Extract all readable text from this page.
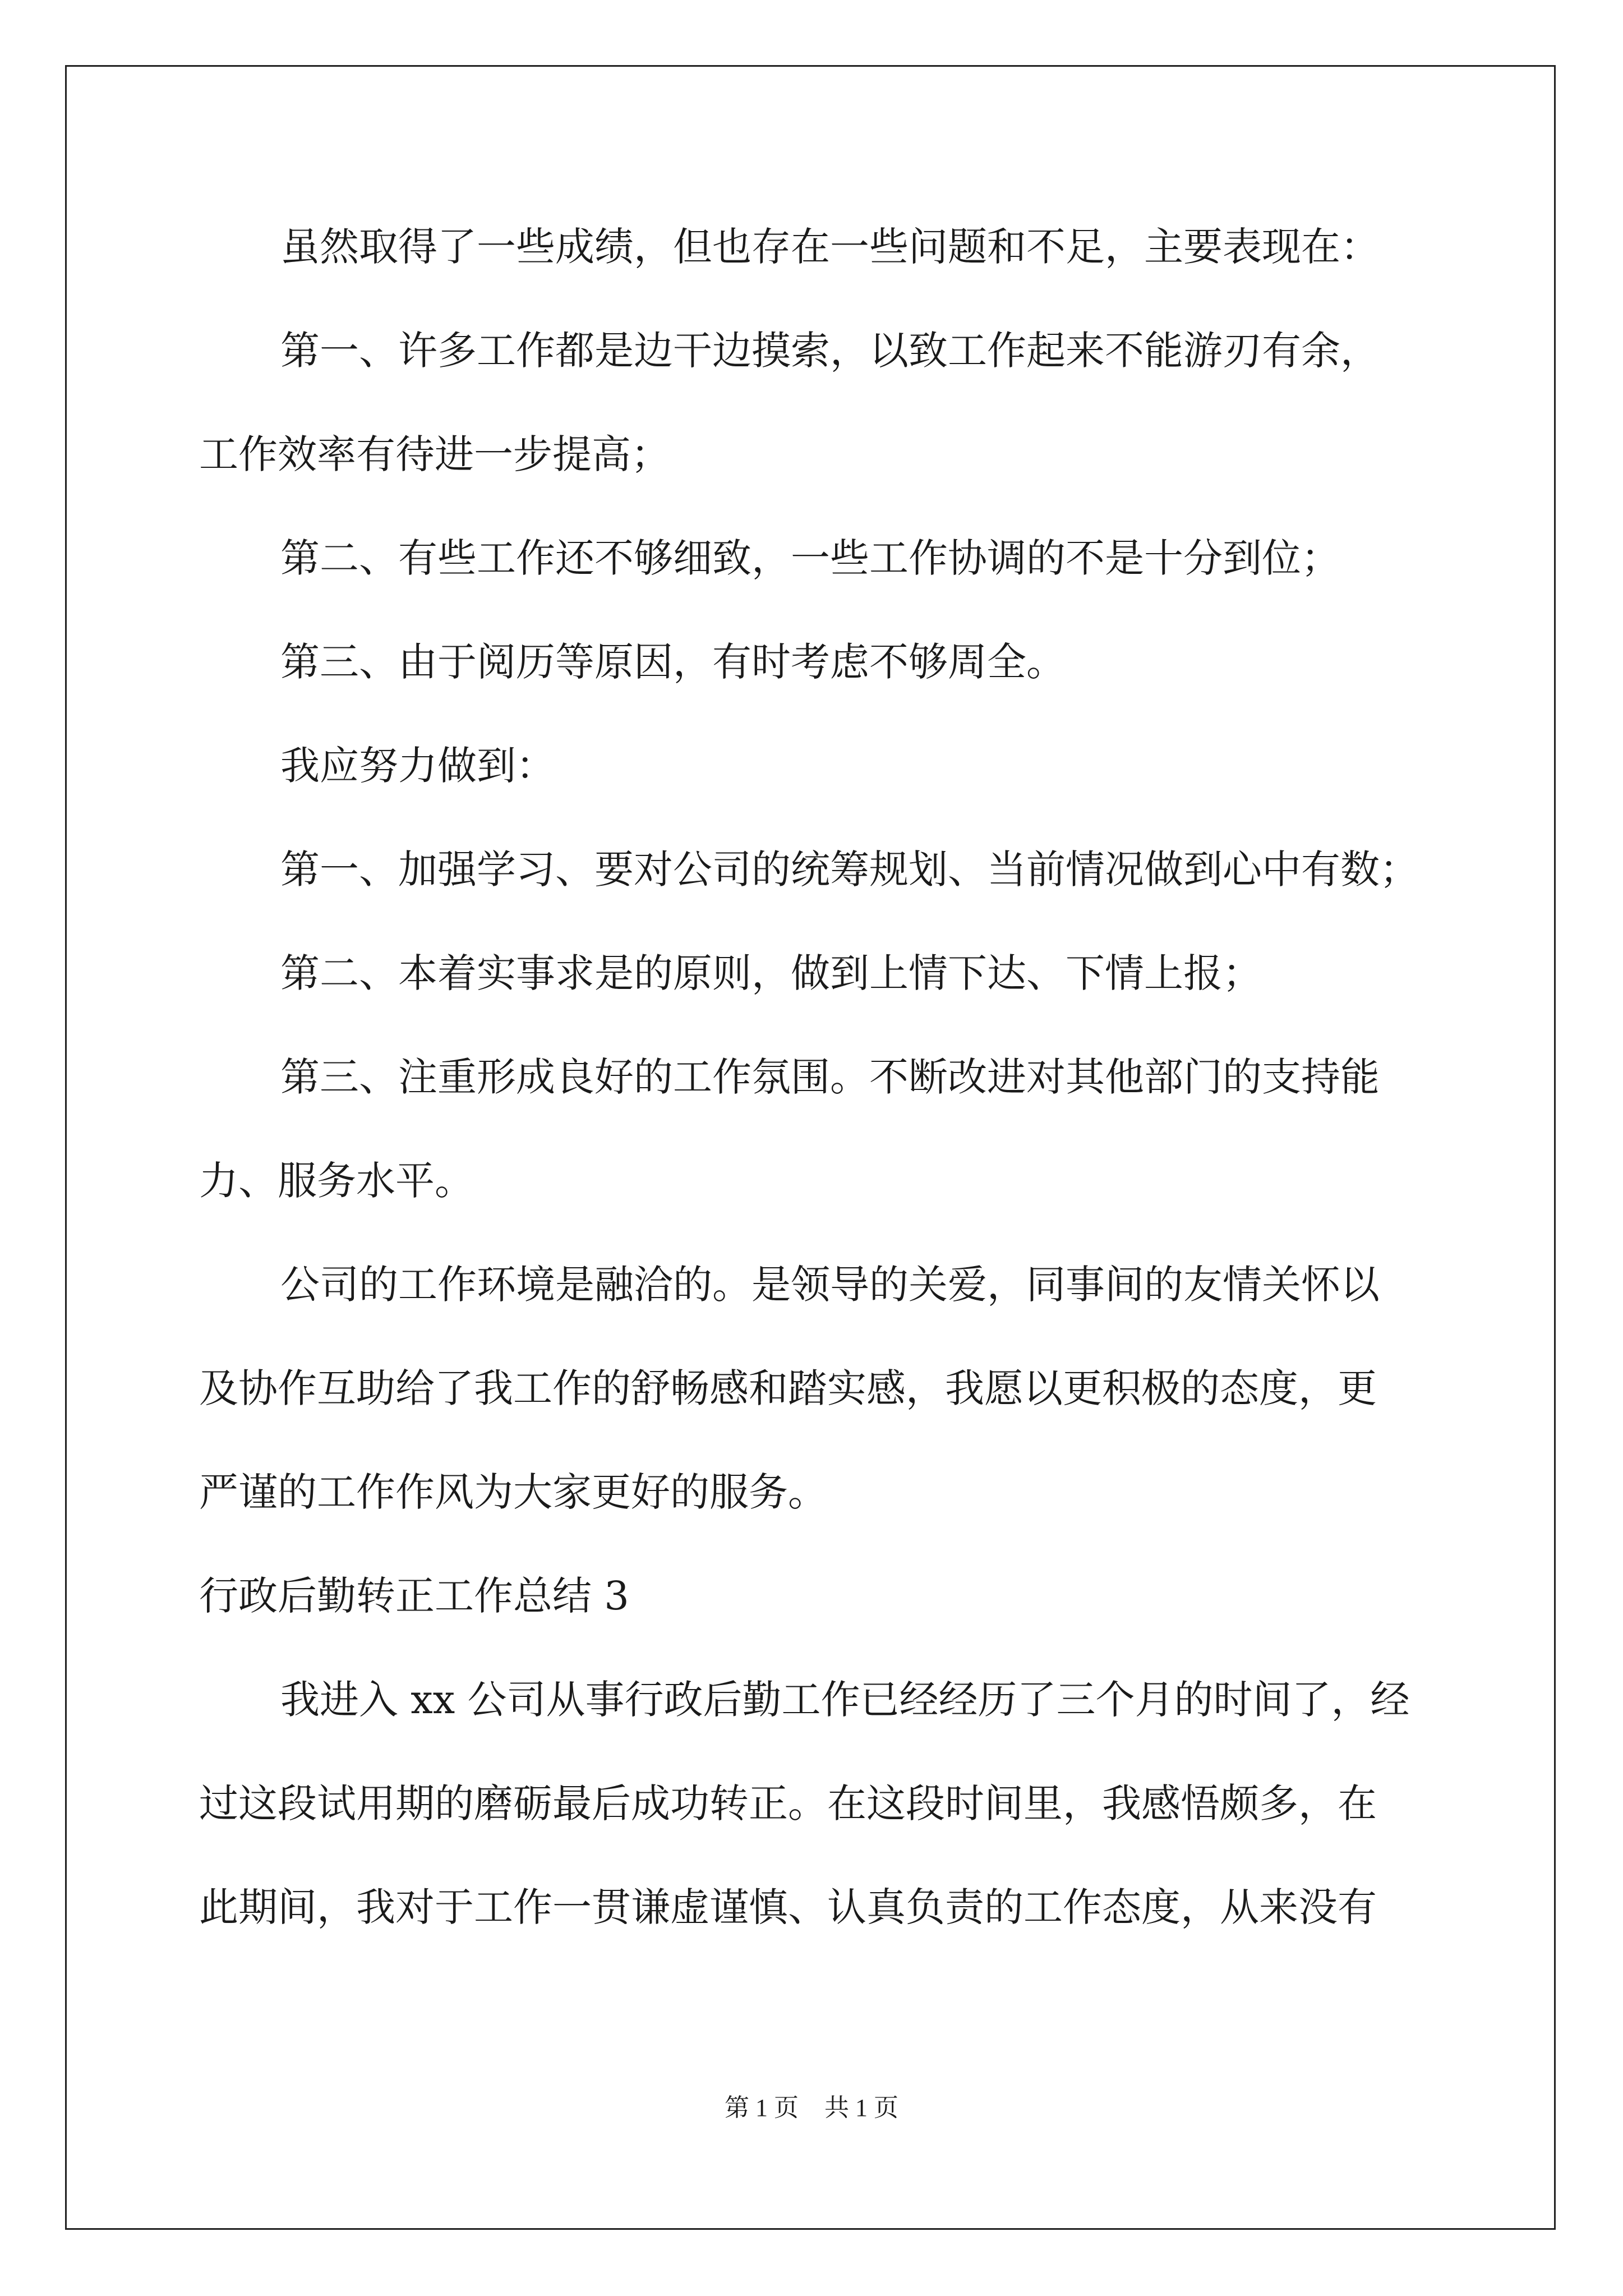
虽然取得了一些成绩，但也存在一些问题和不足，主要表现在：
第一、许多工作都是边干边摸索，以致工作起来不能游刃有余，
工作效率有待进一步提高；
第二、有些工作还不够细致，一些工作协调的不是十分到位；
第三、由于阅历等原因，有时考虑不够周全。
我应努力做到：
第一、加强学习、要对公司的统筹规划、当前情况做到心中有数；
第二、本着实事求是的原则，做到上情下达、下情上报；
第三、注重形成良好的工作氛围。不断改进对其他部门的支持能
力、服务水平。
公司的工作环境是融洽的。是领导的关爱，同事间的友情关怀以
及协作互助给了我工作的舒畅感和踏实感，我愿以更积极的态度，更
严谨的工作作风为大家更好的服务。
行政后勤转正工作总结 3
我进入 xx 公司从事行政后勤工作已经经历了三个月的时间了，经
过这段试用期的磨砺最后成功转正。在这段时间里，我感悟颇多，在
此期间，我对于工作一贯谦虚谨慎、认真负责的工作态度，从来没有
第 1 页 共 1 页
